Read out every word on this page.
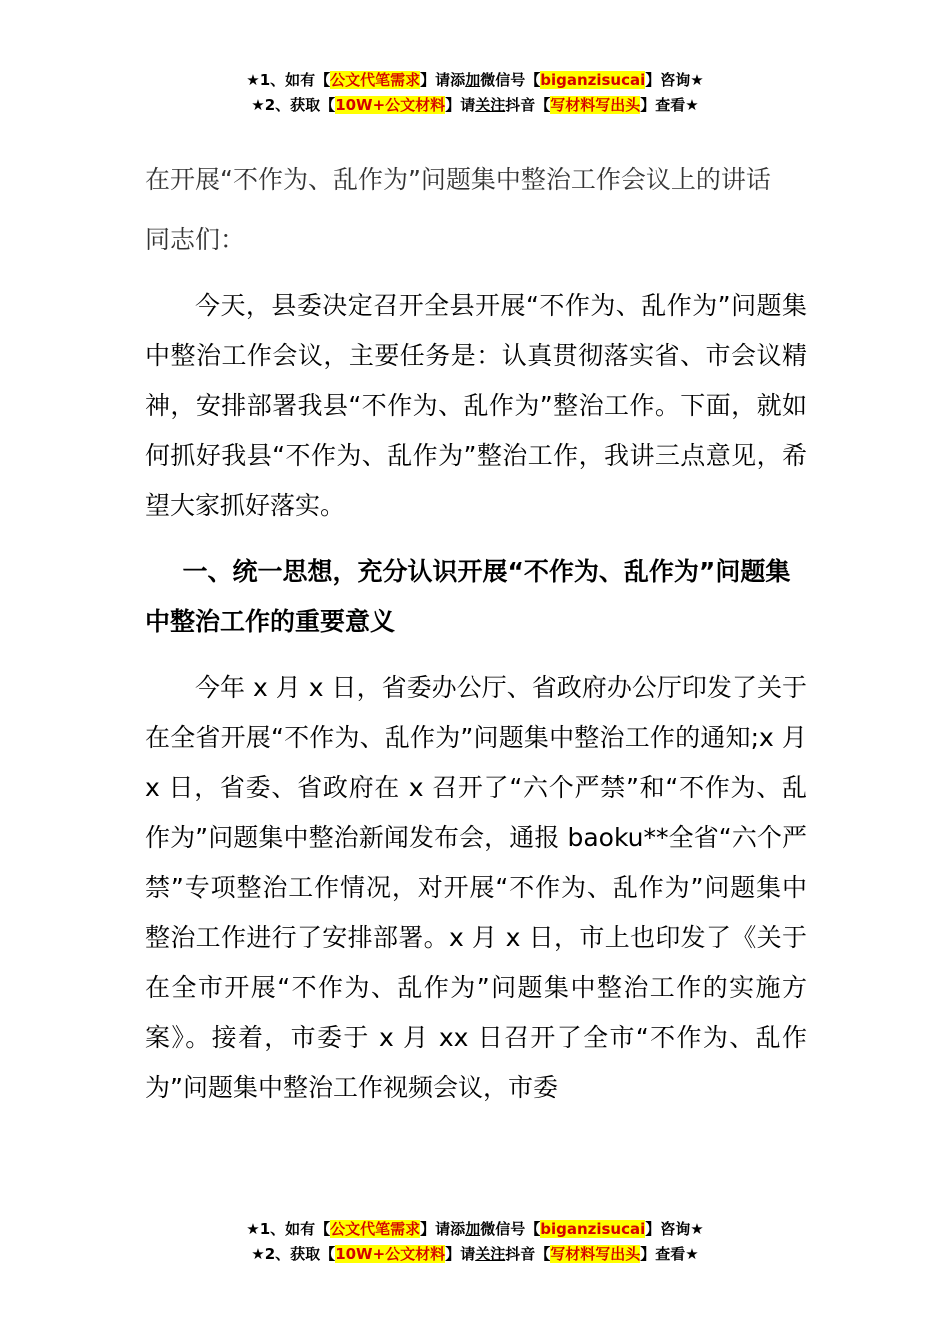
★1、如有【公文代笔需求】请添加微信号【biganzisucai】咨询★
★2、获取【10W+公文材料】请关注抖音【写材料写出头】查看★
在开展“不作为、乱作为”问题集中整治工作会议上的讲话
同志们：
今天，县委决定召开全县开展“不作为、乱作为”问题集中整治工作会议，主要任务是：认真贯彻落实省、市会议精神，安排部署我县“不作为、乱作为”整治工作。下面，就如何抓好我县“不作为、乱作为”整治工作，我讲三点意见，希望大家抓好落实。
一、统一思想，充分认识开展“不作为、乱作为”问题集中整治工作的重要意义
今年 x 月 x 日，省委办公厅、省政府办公厅印发了关于在全省开展“不作为、乱作为”问题集中整治工作的通知;x 月 x 日，省委、省政府在 x 召开了“六个严禁”和“不作为、乱作为”问题集中整治新闻发布会，通报 baoku**全省“六个严禁”专项整治工作情况，对开展“不作为、乱作为”问题集中整治工作进行了安排部署。x 月 x 日，市上也印发了《关于在全市开展“不作为、乱作为”问题集中整治工作的实施方案》。接着，市委于 x 月 xx 日召开了全市“不作为、乱作为”问题集中整治工作视频会议，市委
★1、如有【公文代笔需求】请添加微信号【biganzisucai】咨询★
★2、获取【10W+公文材料】请关注抖音【写材料写出头】查看★
